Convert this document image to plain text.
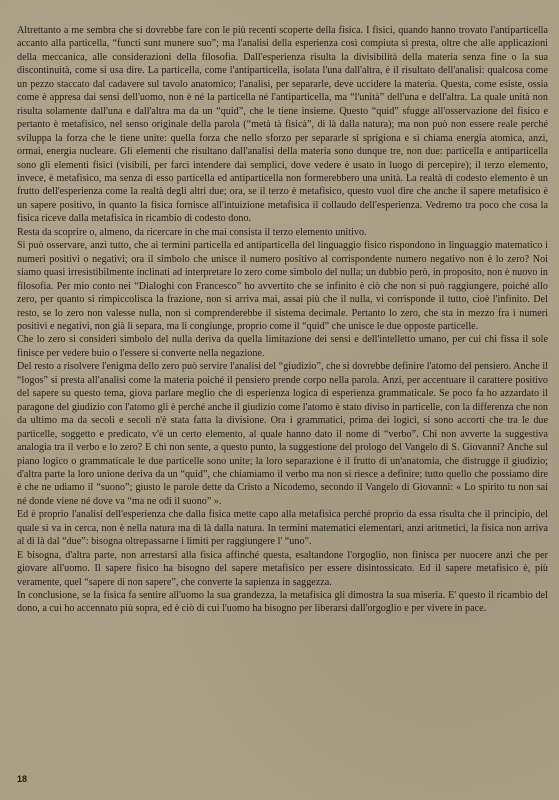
Altrettanto a me sembra che si dovrebbe fare con le più recenti scoperte della fisica. I fisici, quando hanno trovato l'antiparticella accanto alla particella, “functi sunt munere suo”; ma l'analisi della esperienza così compiuta si presta, oltre che alle applicazioni della meccanica, alle considerazioni della filosofia. Dall'esperienza risulta la divisibilità della materia senza fine o la sua discontinuità, come si usa dire. La particella, come l'antiparticella, isolata l'una dall'altra, è il risultato dell'analisi: qualcosa come un pezzo staccato dal cadavere sul tavolo anatomico; l'analisi, per separarle, deve uccidere la materia. Questa, come esiste, ossia come è appresa dai sensi dell'uomo, non è né la particella né l'antiparticella, ma “l'unità” dell'una e dell'altra. La quale unità non risulta solamente dall'una e dall'altra ma da un “quid”, che le tiene insieme. Questo “quid” sfugge all'osservazione del fisico e pertanto è metafisico, nel senso originale della parola (“metà tà fisicà”, di là dalla natura); ma non può non essere reale perché sviluppa la forza che le tiene unite: quella forza che nello sforzo per separarle si sprigiona e si chiama energia atomica, anzi, ormai, energia nucleare. Gli elementi che risultano dall'analisi della materia sono dunque tre, non due: particella e antiparticella sono gli elementi fisici (visibili, per farci intendere dai semplici, dove vedere è usato in luogo di percepire); il terzo elemento, invece, è metafisico, ma senza di esso particella ed antiparticella non formerebbero una unità. La realtà di codesto elemento è un frutto dell'esperienza come la realtà degli altri due; ora, se il terzo è metafisico, questo vuol dire che anche il sapere metafisico è un sapere positivo, in quanto la fisica fornisce all'intuizione metafisica il collaudo dell'esperienza. Vedremo tra poco che cosa la fisica riceve dalla metafisica in ricambio di codesto dono.

Resta da scoprire o, almeno, da ricercare in che mai consista il terzo elemento unitivo.

Si può osservare, anzi tutto, che ai termini particella ed antiparticella del linguaggio fisico rispondono in linguaggio matematico i numeri positivi o negativi; ora il simbolo che unisce il numero positivo al corrispondente numero negativo non è lo zero? Noi siamo quasi irresistibilmente inclinati ad interpretare lo zero come simbolo del nulla; un dubbio però, in proposito, non è nuovo in filosofia. Per mio conto nei “Dialoghi con Francesco” ho avvertito che se infinito è ciò che non si può raggiungere, poiché allo zero, per quanto si rimpiccolisca la frazione, non si arriva mai, assai più che il nulla, vi corrisponde il tutto, cioè l'infinito. Del resto, se lo zero non valesse nulla, non si comprenderebbe il sistema decimale. Pertanto lo zero, che sta in mezzo fra i numeri positivi e negativi, non già li separa, ma li congiunge, proprio come il “quid” che unisce le due opposte particelle.

Che lo zero si consideri simbolo del nulla deriva da quella limitazione dei sensi e dell'intelletto umano, per cui chi fissa il sole finisce per vedere buio o l'essere si converte nella negazione.

Del resto a risolvere l'enigma dello zero può servire l'analisi del “giudizio”, che si dovrebbe definire l'atomo del pensiero. Anche il “logos” si presta all'analisi come la materia poiché il pensiero prende corpo nella parola. Anzi, per accentuare il carattere positivo del sapere su questo tema, giova parlare meglio che di esperienza logica di esperienza grammaticale. Se poco fa ho azzardato il paragone del giudizio con l'atomo gli è perché anche il giudizio come l'atomo è stato diviso in particelle, con la differenza che non da ultimo ma da secoli e secoli n'è stata fatta la divisione. Ora i grammatici, prima dei logici, si sono accorti che tra le due particelle, soggetto e predicato, v'è un certo elemento, al quale hanno dato il nome di “verbo”. Chi non avverte la suggestiva analogia tra il verbo e lo zero? E chi non sente, a questo punto, la suggestione del prologo del Vangelo di S. Giovanni? Anche sul piano logico o grammaticale le due particelle sono unite; la loro separazione è il frutto di un'anatomia, che distrugge il giudizio; d'altra parte la loro unione deriva da un “quid”, che chiamiamo il verbo ma non si riesce a definire; tutto quello che possiamo dire è che ne udiamo il “suono”; giusto le parole dette da Cristo a Nicodemo, secondo il Vangelo di Giovanni: « Lo spirito tu non sai né donde viene né dove va “ma ne odi il suono” ».

Ed è proprio l'analisi dell'esperienza che dalla fisica mette capo alla metafisica perché proprio da essa risulta che il principio, del quale si va in cerca, non è nella natura ma di là dalla natura. In termini matematici elementari, anzi aritmetici, la fisica non arriva al di là dal “due”: bisogna oltrepassarne i limiti per raggiungere l' “uno”.

E bisogna, d'altra parte, non arrestarsi alla fisica affinché questa, esaltandone l'orgoglio, non finisca per nuocere anzi che per giovare all'uomo. Il sapere fisico ha bisogno del sapere metafisico per essere disintossicato. Ed il sapere metafisico è, più veramente, quel “sapere di non sapere”, che converte la sapienza in saggezza.

In conclusione, se la fisica fa sentire all'uomo la sua grandezza, la metafisica gli dimostra la sua miseria. E' questo il ricambio del dono, a cui ho accennato più sopra, ed è ciò di cui l'uomo ha bisogno per liberarsi dall'orgoglio e per vivere in pace.

18
